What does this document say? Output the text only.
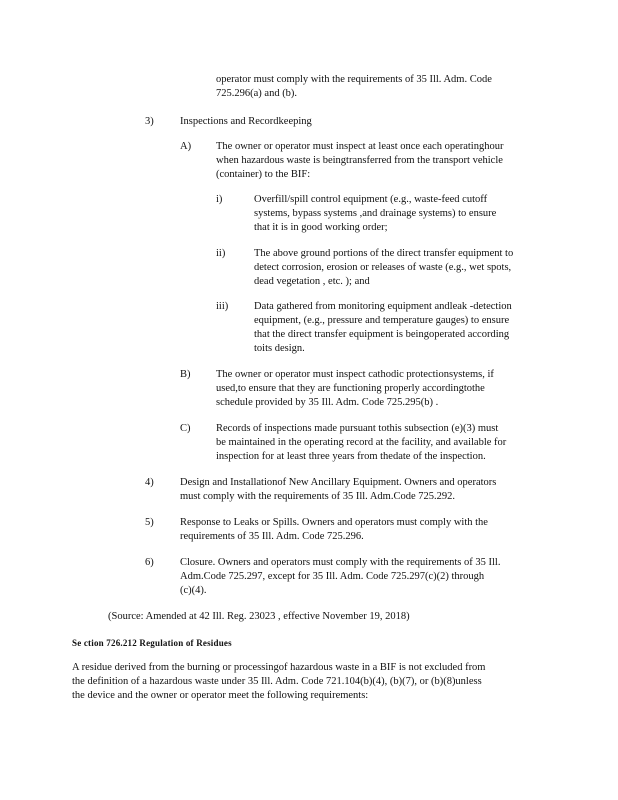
operator must comply with the requirements of 35 Ill. Adm. Code
725.296(a) and (b).
3)	Inspections and Recordkeeping
A) The owner or operator must inspect at least once each operatinghour
when hazardous waste is beingtransferred from the transport vehicle
(container) to the BIF:
i)	Overfill/spill control equipment (e.g., waste-feed cutoff
systems, bypass systems ,and drainage systems) to ensure
that it is in good working order;
ii)	The above ground portions of the direct transfer equipment to
detect corrosion, erosion or releases of waste (e.g., wet spots,
dead vegetation , etc. ); and
iii) Data gathered from monitoring equipment andleak -detection
equipment, (e.g., pressure and temperature gauges) to ensure
that the direct transfer equipment is beingoperated according
toits design.
B) The owner or operator must inspect cathodic protectionsystems, if
used,to ensure that they are functioning properly accordingtothe
schedule provided by 35 Ill. Adm. Code 725.295(b) .
C) Records of inspections made pursuant tothis subsection (e)(3) must
be maintained in the operating record at the facility, and available for
inspection for at least three years from thedate of the inspection.
4)	Design and Installationof New Ancillary Equipment. Owners and operators
must comply with the requirements of 35 Ill. Adm.Code 725.292.
5)	Response to Leaks or Spills. Owners and operators must comply with the
requirements of 35 Ill. Adm. Code 725.296.
6)	Closure. Owners and operators must comply with the requirements of 35 Ill.
Adm.Code 725.297, except for 35 Ill. Adm. Code 725.297(c)(2) through
(c)(4).
(Source: Amended at 42 Ill. Reg. 23023 , effective November 19, 2018)
Se ction 726.212 Regulation of Residues
A residue derived from the burning or processingof hazardous waste in a BIF is not excluded from
the definition of a hazardous waste under 35 Ill. Adm. Code 721.104(b)(4), (b)(7), or (b)(8)unless
the device and the owner or operator meet the following requirements:
